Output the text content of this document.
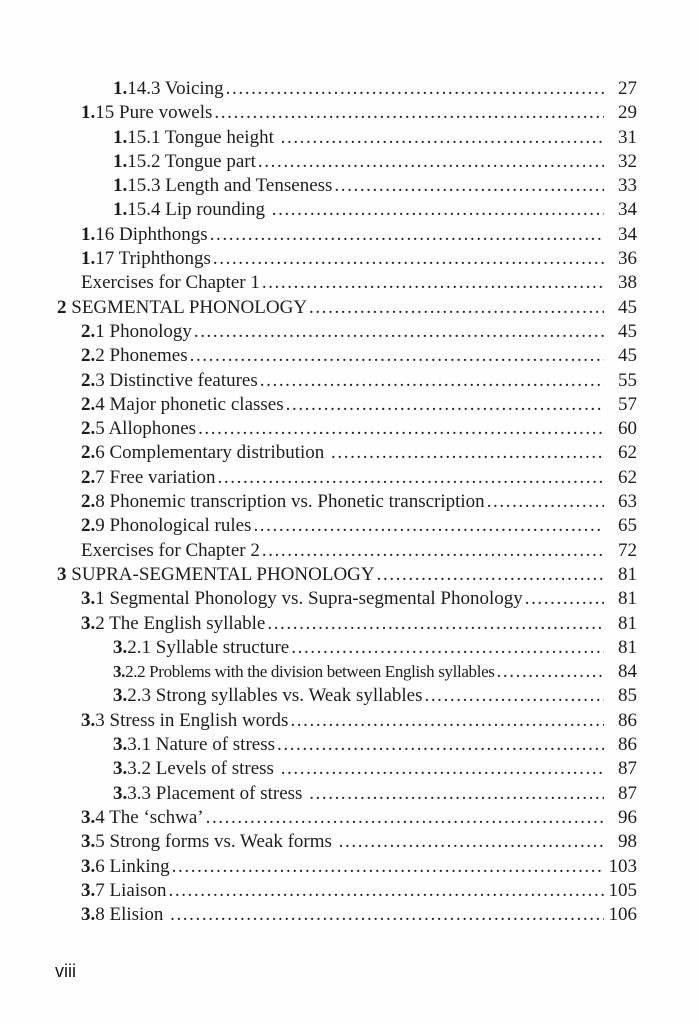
1.14.3 Voicing .....	27
1.15 Pure vowels .....	29
1.15.1 Tongue height .....	31
1.15.2 Tongue part .....	32
1.15.3 Length and Tenseness .....	33
1.15.4 Lip rounding .....	34
1.16 Diphthongs .....	34
1.17 Triphthongs .....	36
Exercises for Chapter 1 .....	38
2 SEGMENTAL PHONOLOGY .....	45
2.1 Phonology .....	45
2.2 Phonemes .....	45
2.3 Distinctive features .....	55
2.4 Major phonetic classes .....	57
2.5 Allophones .....	60
2.6 Complementary distribution .....	62
2.7 Free variation .....	62
2.8 Phonemic transcription vs. Phonetic transcription .....	63
2.9 Phonological rules .....	65
Exercises for Chapter 2 .....	72
3 SUPRA-SEGMENTAL PHONOLOGY .....	81
3.1 Segmental Phonology vs. Supra-segmental Phonology .....	81
3.2 The English syllable .....	81
3.2.1 Syllable structure .....	81
3.2.2 Problems with the division between English syllables .....	84
3.2.3 Strong syllables vs. Weak syllables .....	85
3.3 Stress in English words .....	86
3.3.1 Nature of stress .....	86
3.3.2 Levels of stress .....	87
3.3.3 Placement of stress .....	87
3.4 The ‘schwa’ .....	96
3.5 Strong forms vs. Weak forms .....	98
3.6 Linking .....	103
3.7 Liaison .....	105
3.8 Elision .....	106
viii
